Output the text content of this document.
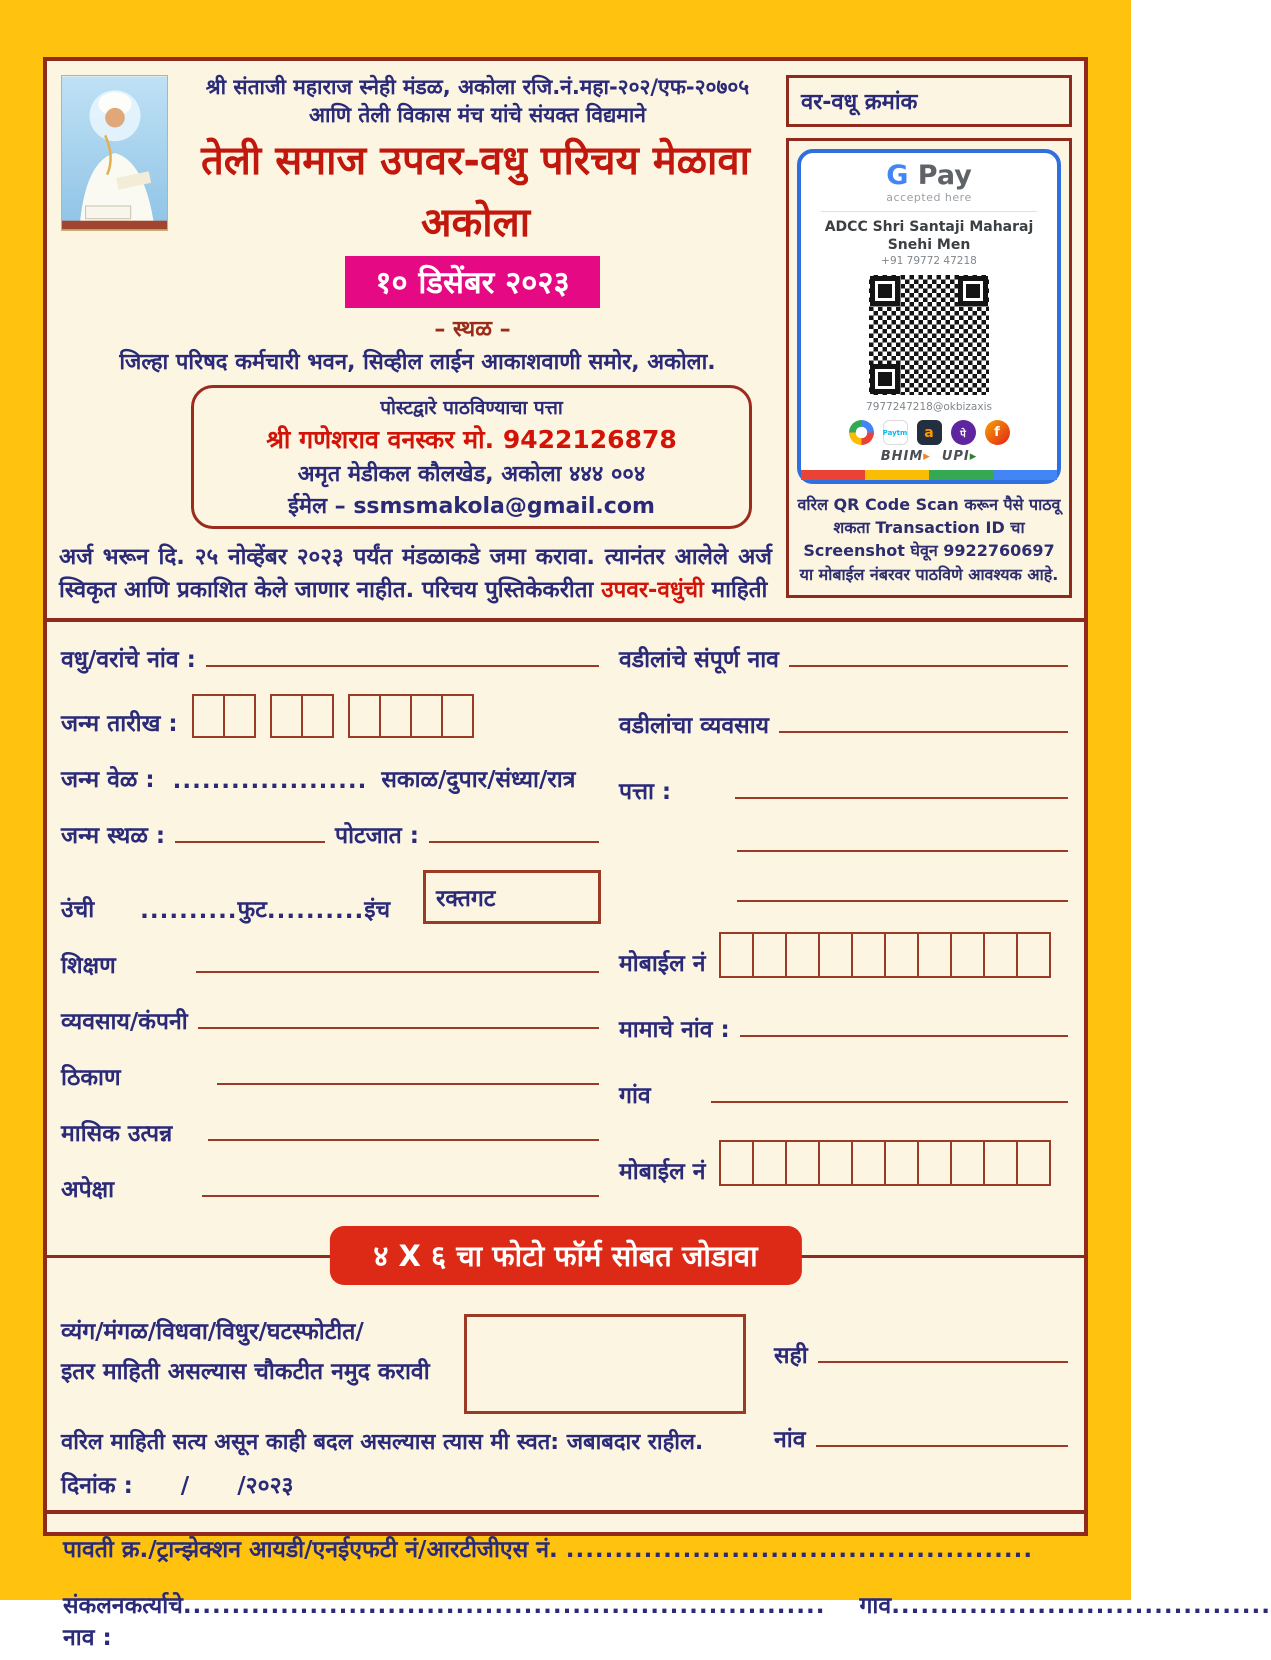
श्री संताजी महाराज स्नेही मंडळ, अकोला रजि.नं.महा-२०२/एफ-२०७०५
आणि तेली विकास मंच यांचे संयक्त विद्यमाने
तेली समाज उपवर-वधु परिचय मेळावा अकोला
१० डिसेंबर २०२३
– स्थळ –
जिल्हा परिषद कर्मचारी भवन, सिव्हील लाईन आकाशवाणी समोर, अकोला.
पोस्टद्वारे पाठविण्याचा पत्ता
श्री गणेशराव वनस्कर मो. 9422126878
अमृत मेडीकल कौलखेड, अकोला ४४४ ००४
ईमेल – ssmsmakola@gmail.com
अर्ज भरून दि. २५ नोव्हेंबर २०२३ पर्यंत मंडळाकडे जमा करावा. त्यानंतर आलेले अर्ज स्विकृत आणि प्रकाशित केले जाणार नाहीत. परिचय पुस्तिकेकरीता उपवर-वधुंची माहिती
वर-वधू क्रमांक
G Pay
accepted here
ADCC Shri Santaji Maharaj
Snehi Men
+91 79772 47218
7977247218@okbizaxis
Paytm	a	पे	f
BHIM▸ UPI▸
वरिल QR Code Scan करून पैसे पाठवू शकता Transaction ID चा Screenshot घेवून 9922760697 या मोबाईल नंबरवर पाठविणे आवश्यक आहे.
वधु/वरांचे नांव :
जन्म तारीख :
जन्म वेळ : .................... सकाळ/दुपार/संध्या/रात्र
जन्म स्थळ :	पोटजात :
उंची .......... फुट .......... इंच रक्तगट
शिक्षण
व्यवसाय/कंपनी
ठिकाण
मासिक उत्पन्न
अपेक्षा
वडीलांचे संपूर्ण नाव
वडीलांचा व्यवसाय
पत्ता :
मोबाईल नं
मामाचे नांव :
गांव
मोबाईल नं
४ X ६ चा फोटो फॉर्म सोबत जोडावा
व्यंग/मंगळ/विधवा/विधुर/घटस्फोटीत/
इतर माहिती असल्यास चौकटीत नमुद करावी
वरिल माहिती सत्य असून काही बदल असल्यास त्यास मी स्वत: जबाबदार राहील.
दिनांक :      /      /२०२३
सही
नांव
पावती क्र./ट्रान्झेक्शन आयडी/एनईएफटी नं/आरटीजीएस नं. ................................................
संकलनकर्त्याचे नाव :
.................................................................. गाव .......................................
